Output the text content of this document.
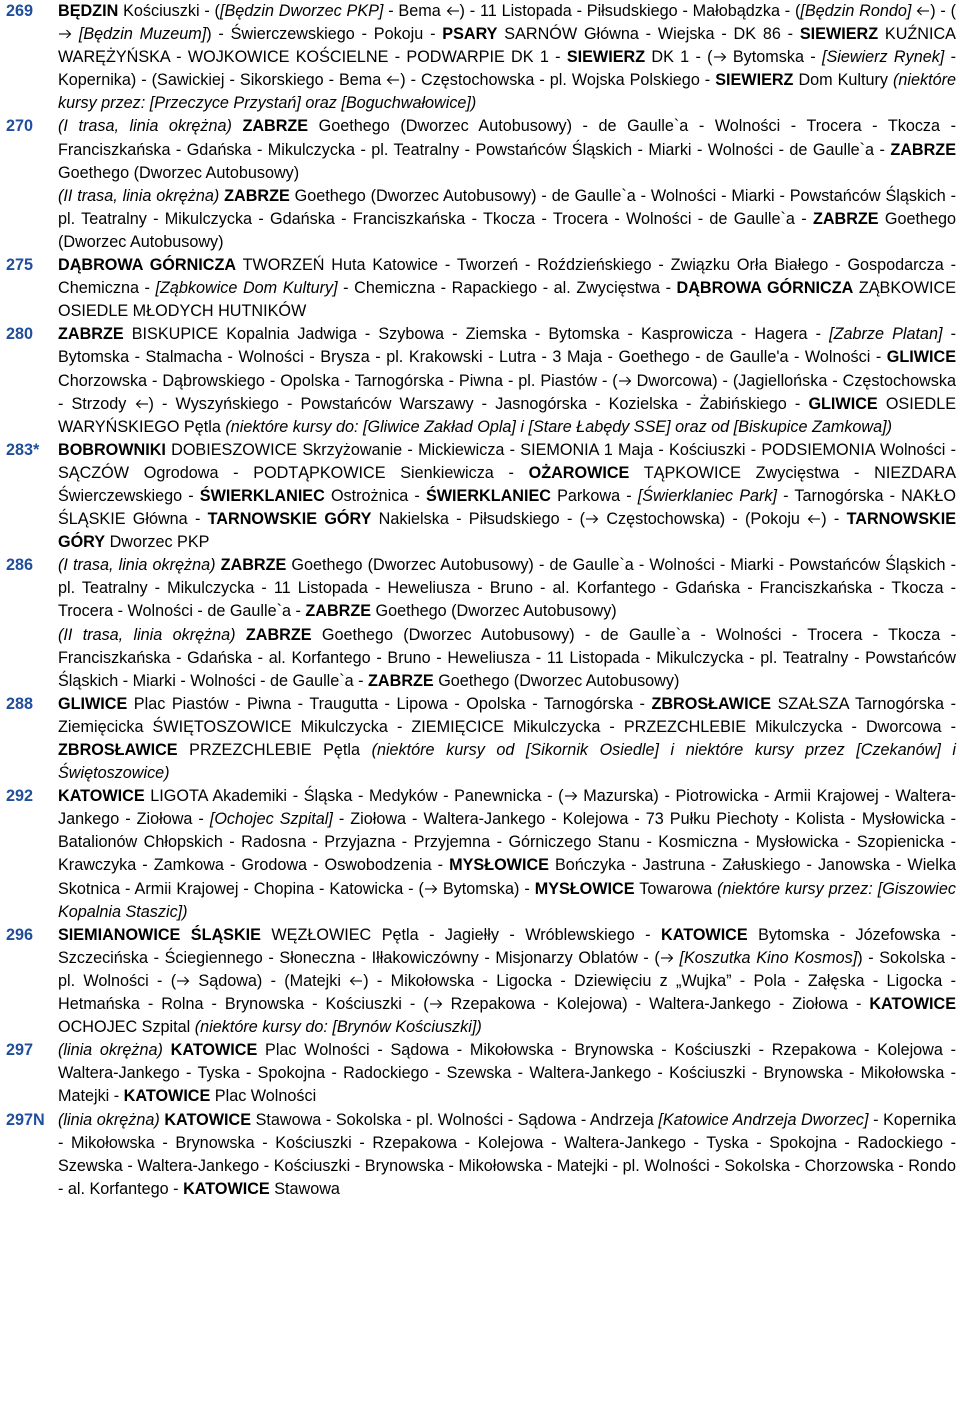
269	BĘDZIN Kościuszki - ([Będzin Dworzec PKP] - Bema
) - 11 Listopada - Piłsudskiego - Małobądzka - ([Będzin Rondo] ) - (
[Będzin Muzeum]) - Świerczewskiego - Pokoju - PSARY SARNÓW Główna - Wiejska - DK 86 - SIEWIERZ KUŹNICA WARĘŻYŃSKA - WOJKOWICE KOŚCIELNE - PODWARPIE DK 1 - SIEWIERZ DK 1 - (
Bytomska - [Siewierz Rynek] - Kopernika) - (Sawickiej - Sikorskiego - Bema
) - Częstochowska - pl. Wojska Polskiego - SIEWIERZ Dom Kultury (niektóre kursy przez: [Przeczyce Przystań] oraz [Boguchwałowice])
270	(I trasa, linia okrężna) ZABRZE Goethego (Dworzec Autobusowy) - de Gaulle`a - Wolności - Trocera - Tkocza - Franciszkańska - Gdańska - Mikulczycka - pl. Teatralny - Powstańców Śląskich - Miarki - Wolności - de Gaulle`a - ZABRZE Goethego (Dworzec Autobusowy)
(II trasa, linia okrężna) ZABRZE Goethego (Dworzec Autobusowy) - de Gaulle`a - Wolności - Miarki - Powstańców Śląskich - pl. Teatralny - Mikulczycka - Gdańska - Franciszkańska - Tkocza - Trocera - Wolności - de Gaulle`a - ZABRZE Goethego (Dworzec Autobusowy)
275	DĄBROWA GÓRNICZA TWORZEŃ Huta Katowice - Tworzeń - Roździeńskiego - Związku Orła Białego - Gospodarcza - Chemiczna - [Ząbkowice Dom Kultury] - Chemiczna - Rapackiego - al. Zwycięstwa - DĄBROWA GÓRNICZA ZĄBKOWICE OSIEDLE MŁODYCH HUTNIKÓW
280	ZABRZE BISKUPICE Kopalnia Jadwiga - Szybowa - Ziemska - Bytomska - Kasprowicza - Hagera - [Zabrze Platan] - Bytomska - Stalmacha - Wolności - Brysza - pl. Krakowski - Lutra - 3 Maja - Goethego - de Gaulle'a - Wolności - GLIWICE Chorzowska - Dąbrowskiego - Opolska - Tarnogórska - Piwna - pl. Piastów - (
Dworcowa) - (Jagiellońska - Częstochowska - Strzody
) - Wyszyńskiego - Powstańców Warszawy - Jasnogórska - Kozielska - Żabińskiego - GLIWICE OSIEDLE WARYŃSKIEGO Pętla (niektóre kursy do: [Gliwice Zakład Opla] i [Stare Łabędy SSE] oraz od [Biskupice Zamkowa])
283*	BOBROWNIKI DOBIESZOWICE Skrzyżowanie - Mickiewicza - SIEMONIA 1 Maja - Kościuszki - PODSIEMONIA Wolności - SĄCZÓW Ogrodowa - PODTĄPKOWICE Sienkiewicza - OŻAROWICE TĄPKOWICE Zwycięstwa - NIEZDARA Świerczewskiego - ŚWIERKLANIEC Ostrożnica - ŚWIERKLANIEC Parkowa - [Świerklaniec Park] - Tarnogórska - NAKŁO ŚLĄSKIE Główna - TARNOWSKIE GÓRY Nakielska - Piłsudskiego - (
Częstochowska) - (Pokoju
) - TARNOWSKIE GÓRY Dworzec PKP
286	(I trasa, linia okrężna) ZABRZE Goethego (Dworzec Autobusowy) - de Gaulle`a - Wolności - Miarki - Powstańców Śląskich - pl. Teatralny - Mikulczycka - 11 Listopada - Heweliusza - Bruno - al. Korfantego - Gdańska - Franciszkańska - Tkocza - Trocera - Wolności - de Gaulle`a - ZABRZE Goethego (Dworzec Autobusowy)
(II trasa, linia okrężna) ZABRZE Goethego (Dworzec Autobusowy) - de Gaulle`a - Wolności - Trocera - Tkocza - Franciszkańska - Gdańska - al. Korfantego - Bruno - Heweliusza - 11 Listopada - Mikulczycka - pl. Teatralny - Powstańców Śląskich - Miarki - Wolności - de Gaulle`a - ZABRZE Goethego (Dworzec Autobusowy)
288	GLIWICE Plac Piastów - Piwna - Traugutta - Lipowa - Opolska - Tarnogórska - ZBROSŁAWICE SZAŁSZA Tarnogórska - Ziemięcicka ŚWIĘTOSZOWICE Mikulczycka - ZIEMIĘCICE Mikulczycka - PRZEZCHLEBIE Mikulczycka - Dworcowa - ZBROSŁAWICE PRZEZCHLEBIE Pętla (niektóre kursy od [Sikornik Osiedle] i niektóre kursy przez [Czekanów] i Świętoszowice)
292	KATOWICE LIGOTA Akademiki - Śląska - Medyków - Panewnicka - (
Mazurska) - Piotrowicka - Armii Krajowej - Waltera-Jankego - Ziołowa - [Ochojec Szpital] - Ziołowa - Waltera-Jankego - Kolejowa - 73 Pułku Piechoty - Kolista - Mysłowicka - Batalionów Chłopskich - Radosna - Przyjazna - Przyjemna - Górniczego Stanu - Kosmiczna - Mysłowicka - Szopienicka - Krawczyka - Zamkowa - Grodowa - Oswobodzenia - MYSŁOWICE Bończyka - Jastruna - Załuskiego - Janowska - Wielka Skotnica - Armii Krajowej - Chopina - Katowicka - (
Bytomska) - MYSŁOWICE Towarowa (niektóre kursy przez: [Giszowiec Kopalnia Staszic])
296	SIEMIANOWICE ŚLĄSKIE WĘZŁOWIEC Pętla - Jagiełły - Wróblewskiego - KATOWICE Bytomska - Józefowska - Szczecińska - Ściegiennego - Słoneczna - Iłłakowiczówny - Misjonarzy Oblatów - ( [Koszutka Kino Kosmos]) - Sokolska - pl. Wolności - (
Sądowa) - (Matejki
) - Mikołowska - Ligocka - Dziewięciu z „Wujka” - Pola - Załęska - Ligocka - Hetmańska - Rolna - Brynowska - Kościuszki - (
Rzepakowa - Kolejowa) - Waltera-Jankego - Ziołowa - KATOWICE OCHOJEC Szpital (niektóre kursy do: [Brynów Kościuszki])
297	(linia okrężna) KATOWICE Plac Wolności - Sądowa - Mikołowska - Brynowska - Kościuszki - Rzepakowa - Kolejowa - Waltera-Jankego - Tyska - Spokojna - Radockiego - Szewska - Waltera-Jankego - Kościuszki - Brynowska - Mikołowska - Matejki - KATOWICE Plac Wolności
297N (linia okrężna) KATOWICE Stawowa - Sokolska - pl. Wolności - Sądowa - Andrzeja [Katowice Andrzeja Dworzec] - Kopernika - Mikołowska - Brynowska - Kościuszki - Rzepakowa - Kolejowa - Waltera-Jankego - Tyska - Spokojna - Radockiego - Szewska - Waltera-Jankego - Kościuszki - Brynowska - Mikołowska - Matejki - pl. Wolności - Sokolska - Chorzowska - Rondo - al. Korfantego - KATOWICE Stawowa
